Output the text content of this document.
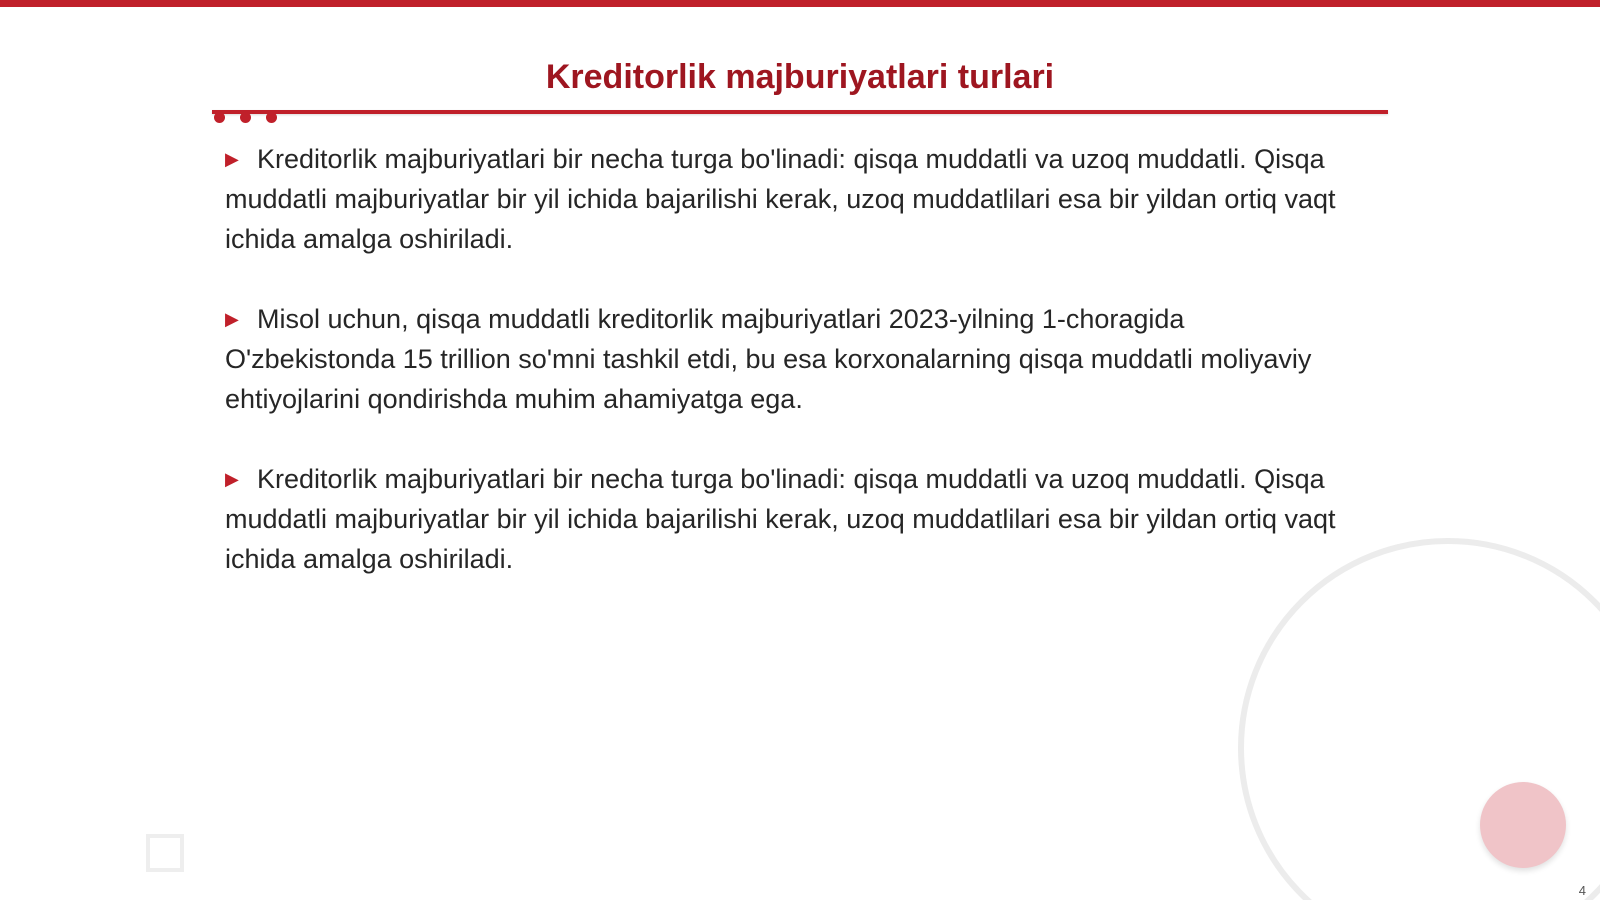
Kreditorlik majburiyatlari turlari

▶ Kreditorlik majburiyatlari bir necha turga bo'linadi: qisqa muddatli va uzoq muddatli. Qisqa muddatli majburiyatlar bir yil ichida bajarilishi kerak, uzoq muddatlilari esa bir yildan ortiq vaqt ichida amalga oshiriladi.

▶ Misol uchun, qisqa muddatli kreditorlik majburiyatlari 2023-yilning 1-choragida O'zbekistonda 15 trillion so'mni tashkil etdi, bu esa korxonalarning qisqa muddatli moliyaviy ehtiyojlarini qondirishda muhim ahamiyatga ega.

▶ Kreditorlik majburiyatlari bir necha turga bo'linadi: qisqa muddatli va uzoq muddatli. Qisqa muddatli majburiyatlar bir yil ichida bajarilishi kerak, uzoq muddatlilari esa bir yildan ortiq vaqt ichida amalga oshiriladi.

4
